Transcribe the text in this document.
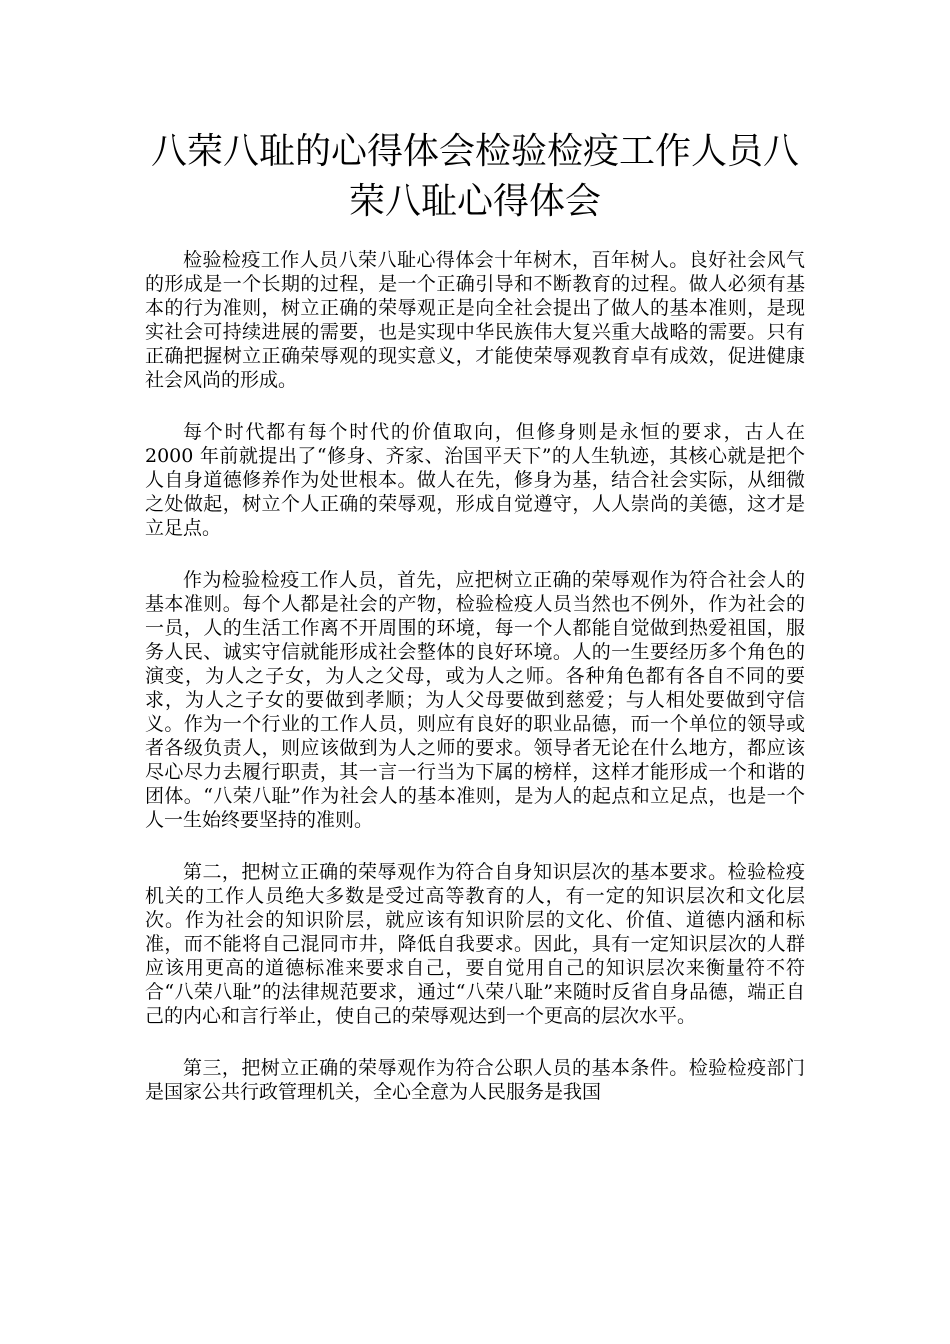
八荣八耻的心得体会检验检疫工作人员八荣八耻心得体会

检验检疫工作人员八荣八耻心得体会十年树木，百年树人。良好社会风气的形成是一个长期的过程，是一个正确引导和不断教育的过程。做人必须有基本的行为准则，树立正确的荣辱观正是向全社会提出了做人的基本准则，是现实社会可持续进展的需要，也是实现中华民族伟大复兴重大战略的需要。只有正确把握树立正确荣辱观的现实意义，才能使荣辱观教育卓有成效，促进健康社会风尚的形成。

每个时代都有每个时代的价值取向，但修身则是永恒的要求，古人在 2000 年前就提出了“修身、齐家、治国平天下”的人生轨迹，其核心就是把个人自身道德修养作为处世根本。做人在先，修身为基，结合社会实际，从细微之处做起，树立个人正确的荣辱观，形成自觉遵守，人人崇尚的美德，这才是立足点。

作为检验检疫工作人员，首先，应把树立正确的荣辱观作为符合社会人的基本准则。每个人都是社会的产物，检验检疫人员当然也不例外，作为社会的一员，人的生活工作离不开周围的环境，每一个人都能自觉做到热爱祖国，服务人民、诚实守信就能形成社会整体的良好环境。人的一生要经历多个角色的演变，为人之子女，为人之父母，或为人之师。各种角色都有各自不同的要求，为人之子女的要做到孝顺；为人父母要做到慈爱；与人相处要做到守信义。作为一个行业的工作人员，则应有良好的职业品德，而一个单位的领导或者各级负责人，则应该做到为人之师的要求。领导者无论在什么地方，都应该尽心尽力去履行职责，其一言一行当为下属的榜样，这样才能形成一个和谐的团体。“八荣八耻”作为社会人的基本准则，是为人的起点和立足点，也是一个人一生始终要坚持的准则。

第二，把树立正确的荣辱观作为符合自身知识层次的基本要求。检验检疫机关的工作人员绝大多数是受过高等教育的人，有一定的知识层次和文化层次。作为社会的知识阶层，就应该有知识阶层的文化、价值、道德内涵和标准，而不能将自己混同市井，降低自我要求。因此，具有一定知识层次的人群应该用更高的道德标准来要求自己，要自觉用自己的知识层次来衡量符不符合“八荣八耻”的法律规范要求，通过“八荣八耻”来随时反省自身品德，端正自己的内心和言行举止，使自己的荣辱观达到一个更高的层次水平。

第三，把树立正确的荣辱观作为符合公职人员的基本条件。检验检疫部门是国家公共行政管理机关，全心全意为人民服务是我国
